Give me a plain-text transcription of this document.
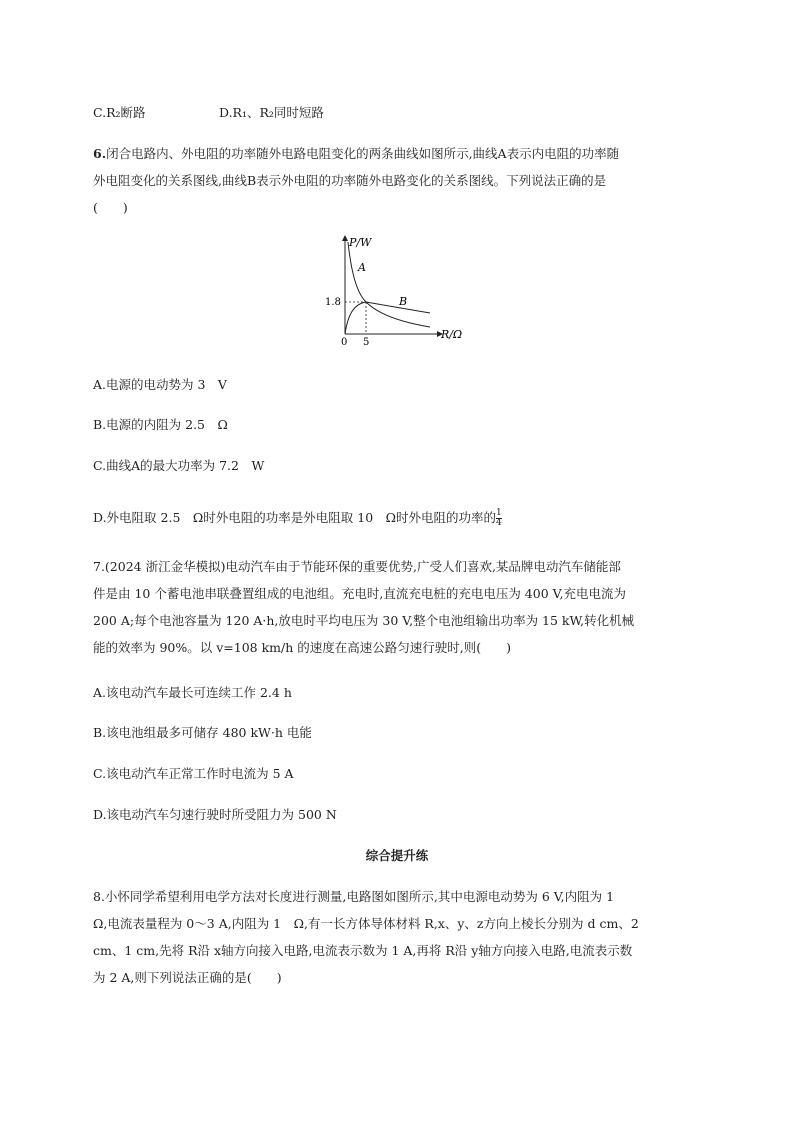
C.R₂断路	D.R₁、R₂同时短路
6.闭合电路内、外电阻的功率随外电路电阻变化的两条曲线如图所示,曲线A表示内电阻的功率随
外电阻变化的关系图线,曲线B表示外电阻的功率随外电路变化的关系图线。下列说法正确的是
(　　)
P/W
R/Ω
1.8
5
0
A
B
A.电源的电动势为 3　V
B.电源的内阻为 2.5　Ω
C.曲线A的最大功率为 7.2　W
D.外电阻取 2.5　Ω时外电阻的功率是外电阻取 10　Ω时外电阻的功率的 $\frac{1}{4}$
7.(2024 浙江金华模拟)电动汽车由于节能环保的重要优势,广受人们喜欢,某品牌电动汽车储能部
件是由 10 个蓄电池串联叠置组成的电池组。充电时,直流充电桩的充电电压为 400 V,充电电流为
200 A;每个电池容量为 120 A·h,放电时平均电压为 30 V,整个电池组输出功率为 15 kW,转化机械
能的效率为 90%。以 v=108 km/h 的速度在高速公路匀速行驶时,则(　　)
A.该电动汽车最长可连续工作 2.4 h
B.该电池组最多可储存 480 kW·h 电能
C.该电动汽车正常工作时电流为 5 A
D.该电动汽车匀速行驶时所受阻力为 500 N
综合提升练
8.小怀同学希望利用电学方法对长度进行测量,电路图如图所示,其中电源电动势为 6 V,内阻为 1
Ω,电流表量程为 0～3 A,内阻为 1　Ω,有一长方体导体材料 R,x、y、z方向上棱长分别为 d cm、2
cm、1 cm,先将 R沿 x轴方向接入电路,电流表示数为 1 A,再将 R沿 y轴方向接入电路,电流表示数
为 2 A,则下列说法正确的是(　　)
